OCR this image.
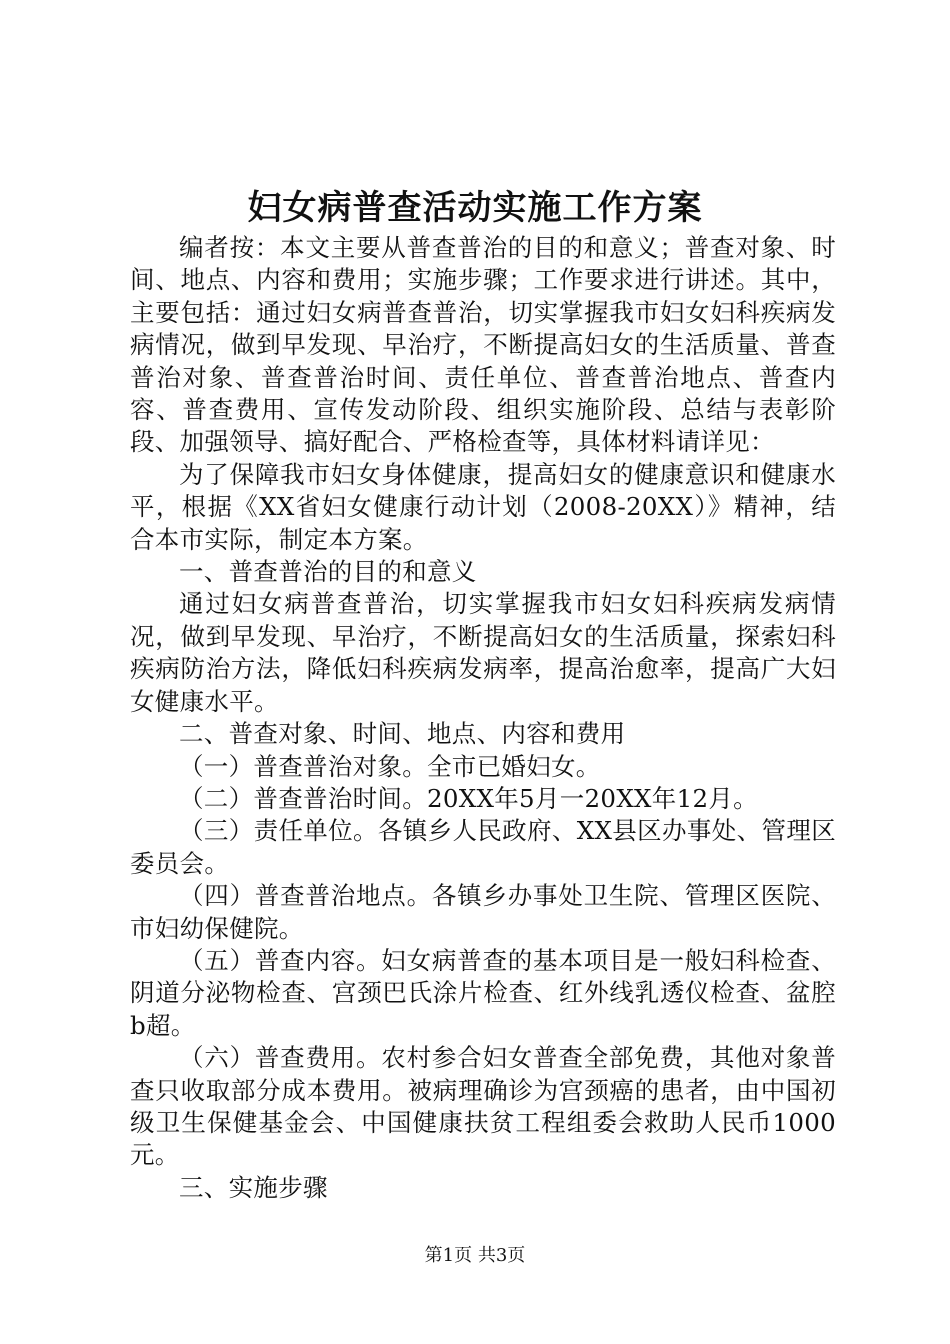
妇女病普查活动实施工作方案

编者按：本文主要从普查普治的目的和意义；普查对象、时间、地点、内容和费用；实施步骤；工作要求进行讲述。其中，主要包括：通过妇女病普查普治，切实掌握我市妇女妇科疾病发病情况，做到早发现、早治疗，不断提高妇女的生活质量、普查普治对象、普查普治时间、责任单位、普查普治地点、普查内容、普查费用、宣传发动阶段、组织实施阶段、总结与表彰阶段、加强领导、搞好配合、严格检查等，具体材料请详见：

为了保障我市妇女身体健康，提高妇女的健康意识和健康水平，根据《XX省妇女健康行动计划（2008-20XX）》精神，结合本市实际，制定本方案。

一、普查普治的目的和意义

通过妇女病普查普治，切实掌握我市妇女妇科疾病发病情况，做到早发现、早治疗，不断提高妇女的生活质量，探索妇科疾病防治方法，降低妇科疾病发病率，提高治愈率，提高广大妇女健康水平。

二、普查对象、时间、地点、内容和费用

（一）普查普治对象。全市已婚妇女。

（二）普查普治时间。20XX年5月一20XX年12月。

（三）责任单位。各镇乡人民政府、XX县区办事处、管理区委员会。

（四）普查普治地点。各镇乡办事处卫生院、管理区医院、市妇幼保健院。

（五）普查内容。妇女病普查的基本项目是一般妇科检查、阴道分泌物检查、宫颈巴氏涂片检查、红外线乳透仪检查、盆腔b超。

（六）普查费用。农村参合妇女普查全部免费，其他对象普查只收取部分成本费用。被病理确诊为宫颈癌的患者，由中国初级卫生保健基金会、中国健康扶贫工程组委会救助人民币1000元。

三、实施步骤

第1页 共3页
